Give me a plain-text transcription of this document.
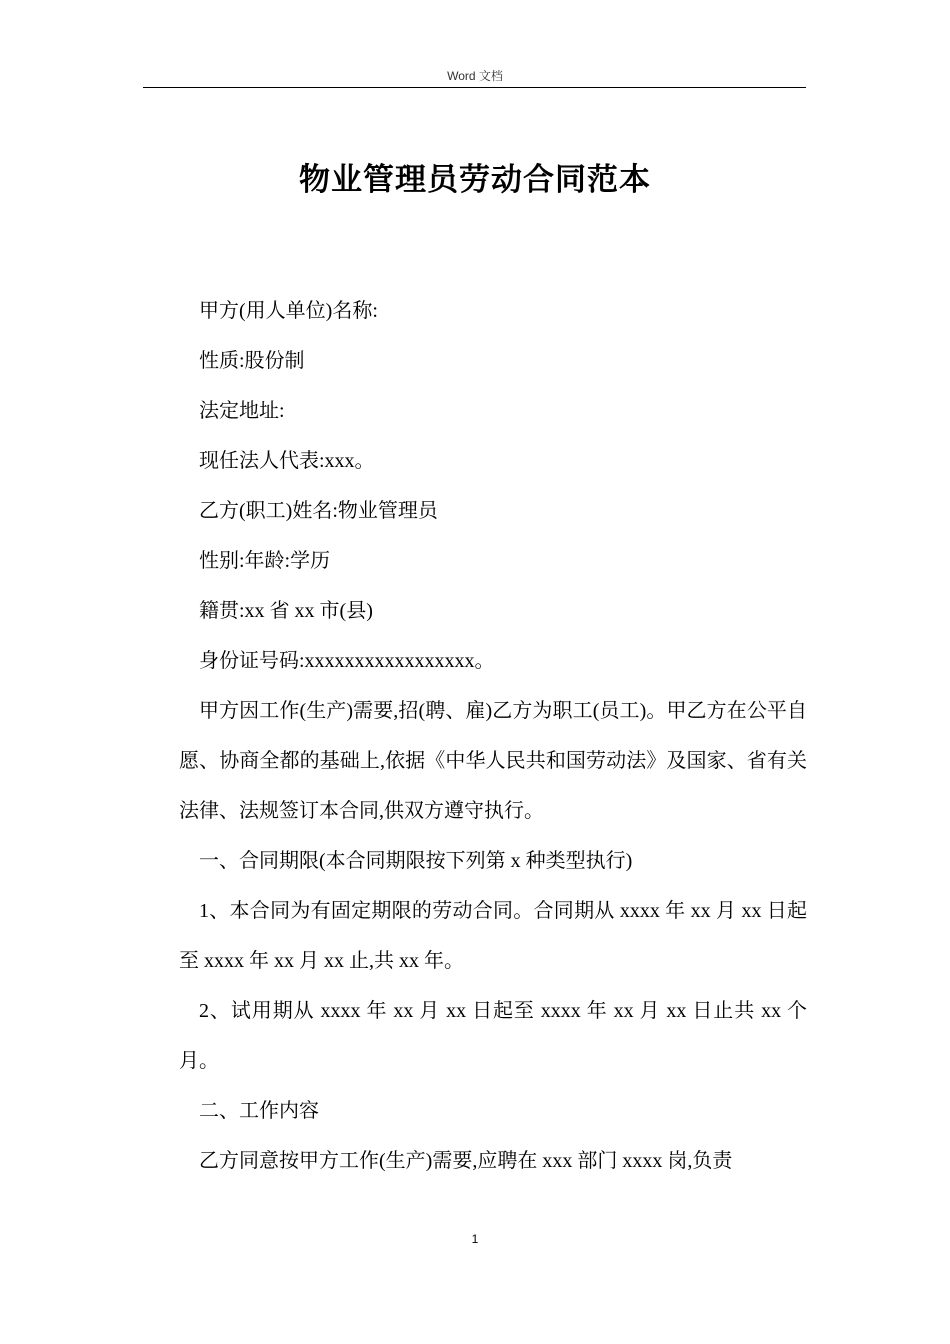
Word 文档
物业管理员劳动合同范本

甲方(用人单位)名称:

性质:股份制

法定地址:

现任法人代表:xxx。

乙方(职工)姓名:物业管理员

性别:年龄:学历

籍贯:xx 省 xx 市(县)

身份证号码:xxxxxxxxxxxxxxxxx。

甲方因工作(生产)需要,招(聘、雇)乙方为职工(员工)。甲乙方在公平自愿、协商全都的基础上,依据《中华人民共和国劳动法》及国家、省有关法律、法规签订本合同,供双方遵守执行。

一、合同期限(本合同期限按下列第 x 种类型执行)

1、本合同为有固定期限的劳动合同。合同期从 xxxx 年 xx 月 xx 日起至 xxxx 年 xx 月 xx 止,共 xx 年。

2、试用期从 xxxx 年 xx 月 xx 日起至 xxxx 年 xx 月 xx 日止共 xx 个月。

二、工作内容

乙方同意按甲方工作(生产)需要,应聘在 xxx 部门 xxxx 岗,负责

1
